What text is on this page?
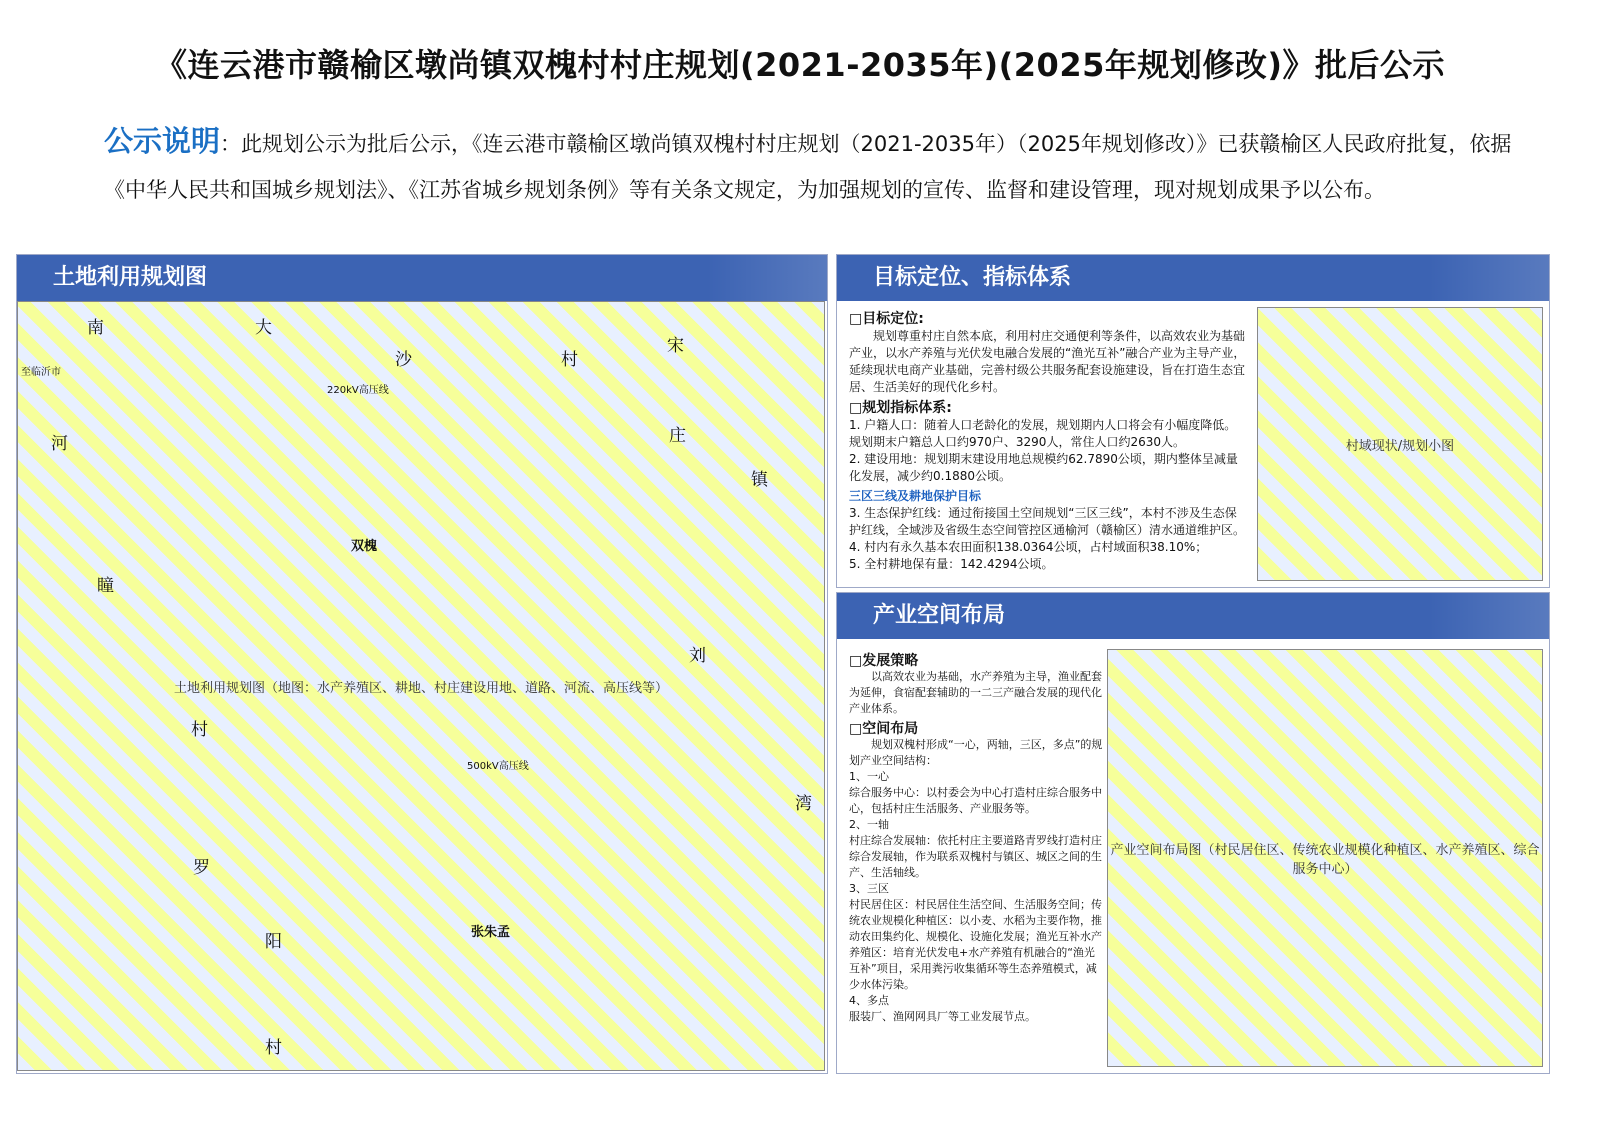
《连云港市赣榆区墩尚镇双槐村村庄规划(2021-2035年)(2025年规划修改)》批后公示
公示说明：此规划公示为批后公示，《连云港市赣榆区墩尚镇双槐村村庄规划（2021-2035年）（2025年规划修改）》已获赣榆区人民政府批复，依据《中华人民共和国城乡规划法》、《江苏省城乡规划条例》等有关条文规定，为加强规划的宣传、监督和建设管理，现对规划成果予以公布。
土地利用规划图
土地利用规划图（地图：水产养殖区、耕地、村庄建设用地、道路、河流、高压线等）
南	大
沙	村
宋
庄
河
镇
刘
湾
瞳
村
罗
阳
村
双槐
张朱孟
220kV高压线
500kV高压线
至临沂市
目标定位、指标体系
□目标定位:

规划尊重村庄自然本底，利用村庄交通便利等条件，以高效农业为基础产业，以水产养殖与光伏发电融合发展的“渔光互补”融合产业为主导产业，延续现状电商产业基础，完善村级公共服务配套设施建设，旨在打造生态宜居、生活美好的现代化乡村。

□规划指标体系:

1. 户籍人口：随着人口老龄化的发展，规划期内人口将会有小幅度降低。规划期末户籍总人口约970户、3290人，常住人口约2630人。

2. 建设用地：规划期末建设用地总规模约62.7890公顷，期内整体呈减量化发展，减少约0.1880公顷。

三区三线及耕地保护目标

3. 生态保护红线：通过衔接国土空间规划“三区三线”，本村不涉及生态保护红线，全域涉及省级生态空间管控区通榆河（赣榆区）清水通道维护区。

4. 村内有永久基本农田面积138.0364公顷，占村域面积38.10%；

5. 全村耕地保有量：142.4294公顷。

村域现状/规划小图
产业空间布局
□发展策略

以高效农业为基础，水产养殖为主导，渔业配套为延伸，食宿配套辅助的一二三产融合发展的现代化产业体系。

□空间布局

规划双槐村形成“一心，两轴，三区，多点”的规划产业空间结构：

1、一心

综合服务中心：以村委会为中心打造村庄综合服务中心，包括村庄生活服务、产业服务等。

2、一轴

村庄综合发展轴：依托村庄主要道路青罗线打造村庄综合发展轴，作为联系双槐村与镇区、城区之间的生产、生活轴线。

3、三区

村民居住区：村民居住生活空间、生活服务空间；传统农业规模化种植区：以小麦、水稻为主要作物，推动农田集约化、规模化、设施化发展；渔光互补水产养殖区：培育光伏发电+水产养殖有机融合的“渔光互补”项目，采用粪污收集循环等生态养殖模式，减少水体污染。

4、多点

服装厂、渔网网具厂等工业发展节点。

产业空间布局图（村民居住区、传统农业规模化种植区、水产养殖区、综合服务中心）
